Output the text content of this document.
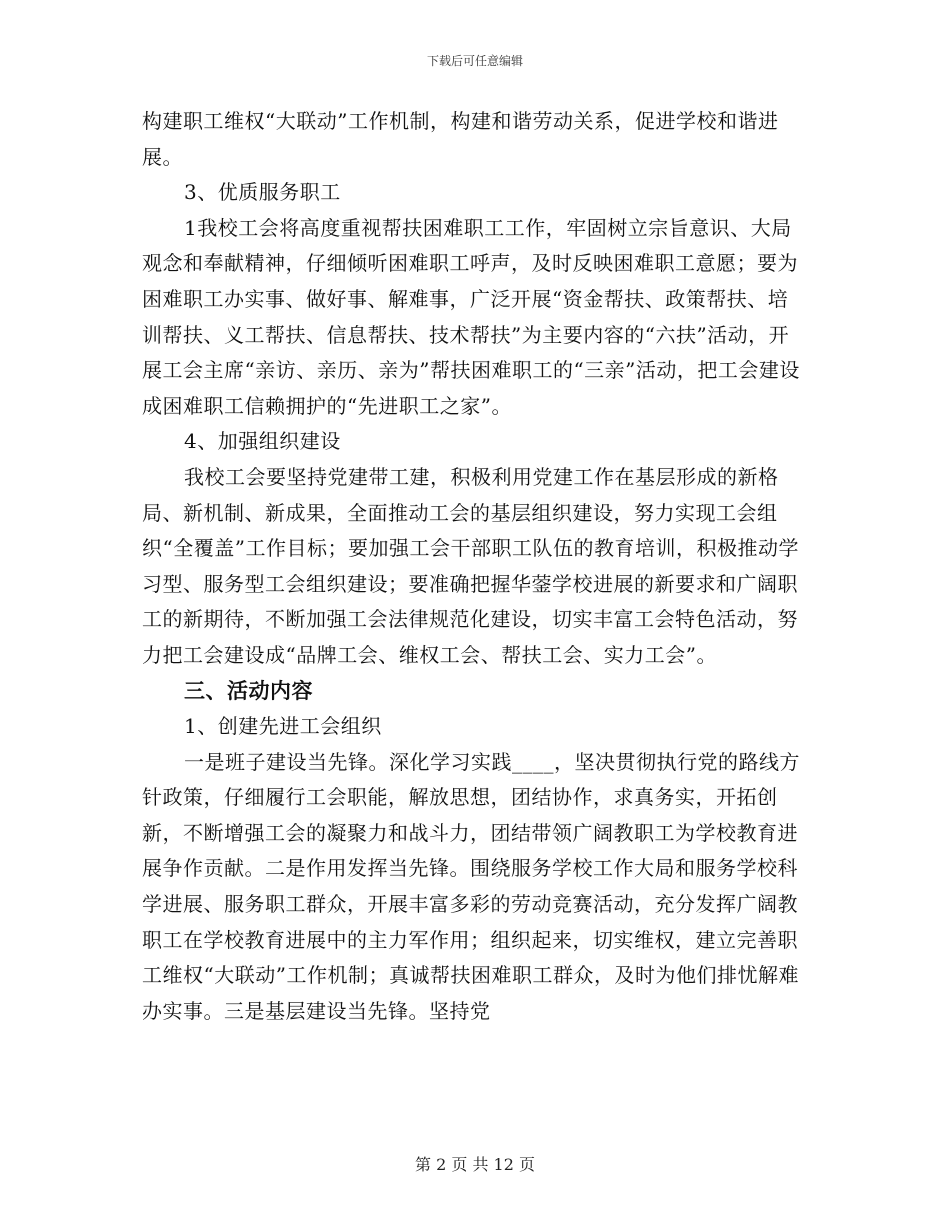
下载后可任意编辑

构建职工维权“大联动”工作机制，构建和谐劳动关系，促进学校和谐进展。

3、优质服务职工

1我校工会将高度重视帮扶困难职工工作，牢固树立宗旨意识、大局观念和奉献精神，仔细倾听困难职工呼声，及时反映困难职工意愿；要为困难职工办实事、做好事、解难事，广泛开展“资金帮扶、政策帮扶、培训帮扶、义工帮扶、信息帮扶、技术帮扶”为主要内容的“六扶”活动，开展工会主席“亲访、亲历、亲为”帮扶困难职工的“三亲”活动，把工会建设成困难职工信赖拥护的“先进职工之家”。

4、加强组织建设

我校工会要坚持党建带工建，积极利用党建工作在基层形成的新格局、新机制、新成果，全面推动工会的基层组织建设，努力实现工会组织“全覆盖”工作目标；要加强工会干部职工队伍的教育培训，积极推动学习型、服务型工会组织建设；要准确把握华蓥学校进展的新要求和广阔职工的新期待，不断加强工会法律规范化建设，切实丰富工会特色活动，努力把工会建设成“品牌工会、维权工会、帮扶工会、实力工会”。

三、活动内容

1、创建先进工会组织

一是班子建设当先锋。深化学习实践____，坚决贯彻执行党的路线方针政策，仔细履行工会职能，解放思想，团结协作，求真务实，开拓创新，不断增强工会的凝聚力和战斗力，团结带领广阔教职工为学校教育进展争作贡献。二是作用发挥当先锋。围绕服务学校工作大局和服务学校科学进展、服务职工群众，开展丰富多彩的劳动竞赛活动，充分发挥广阔教职工在学校教育进展中的主力军作用；组织起来，切实维权，建立完善职工维权“大联动”工作机制；真诚帮扶困难职工群众，及时为他们排忧解难办实事。三是基层建设当先锋。坚持党

第 2 页 共 12 页
